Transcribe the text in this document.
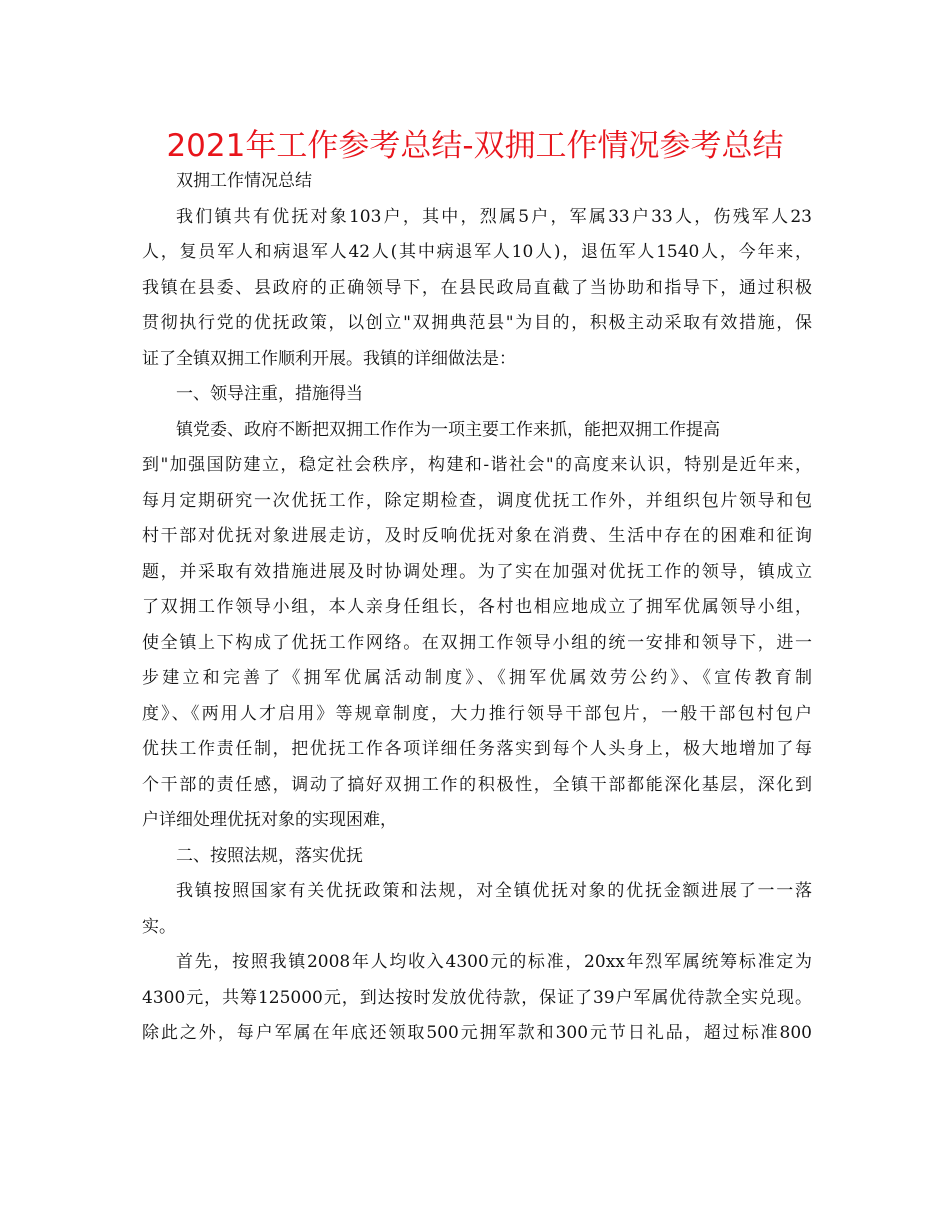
2021年工作参考总结-双拥工作情况参考总结
双拥工作情况总结
我们镇共有优抚对象103户，其中，烈属5户，军属33户33人，伤残军人23
人，复员军人和病退军人42人(其中病退军人10人)，退伍军人1540人，今年来，
我镇在县委、县政府的正确领导下，在县民政局直截了当协助和指导下，通过积极
贯彻执行党的优抚政策，以创立"双拥典范县"为目的，积极主动采取有效措施，保
证了全镇双拥工作顺利开展。我镇的详细做法是：
一、领导注重，措施得当
镇党委、政府不断把双拥工作作为一项主要工作来抓，能把双拥工作提高
到"加强国防建立，稳定社会秩序，构建和-谐社会"的高度来认识，特别是近年来，
每月定期研究一次优抚工作，除定期检查，调度优抚工作外，并组织包片领导和包
村干部对优抚对象进展走访，及时反响优抚对象在消费、生活中存在的困难和征询
题，并采取有效措施进展及时协调处理。为了实在加强对优抚工作的领导，镇成立
了双拥工作领导小组，本人亲身任组长，各村也相应地成立了拥军优属领导小组，
使全镇上下构成了优抚工作网络。在双拥工作领导小组的统一安排和领导下，进一
步建立和完善了《拥军优属活动制度》、《拥军优属效劳公约》、《宣传教育制
度》、《两用人才启用》等规章制度，大力推行领导干部包片，一般干部包村包户
优扶工作责任制，把优抚工作各项详细任务落实到每个人头身上，极大地增加了每
个干部的责任感，调动了搞好双拥工作的积极性，全镇干部都能深化基层，深化到
户详细处理优抚对象的实现困难，
二、按照法规，落实优抚
我镇按照国家有关优抚政策和法规，对全镇优抚对象的优抚金额进展了一一落
实。
首先，按照我镇2008年人均收入4300元的标准，20xx年烈军属统筹标准定为
4300元，共筹125000元，到达按时发放优待款，保证了39户军属优待款全实兑现。
除此之外，每户军属在年底还领取500元拥军款和300元节日礼品，超过标准800
